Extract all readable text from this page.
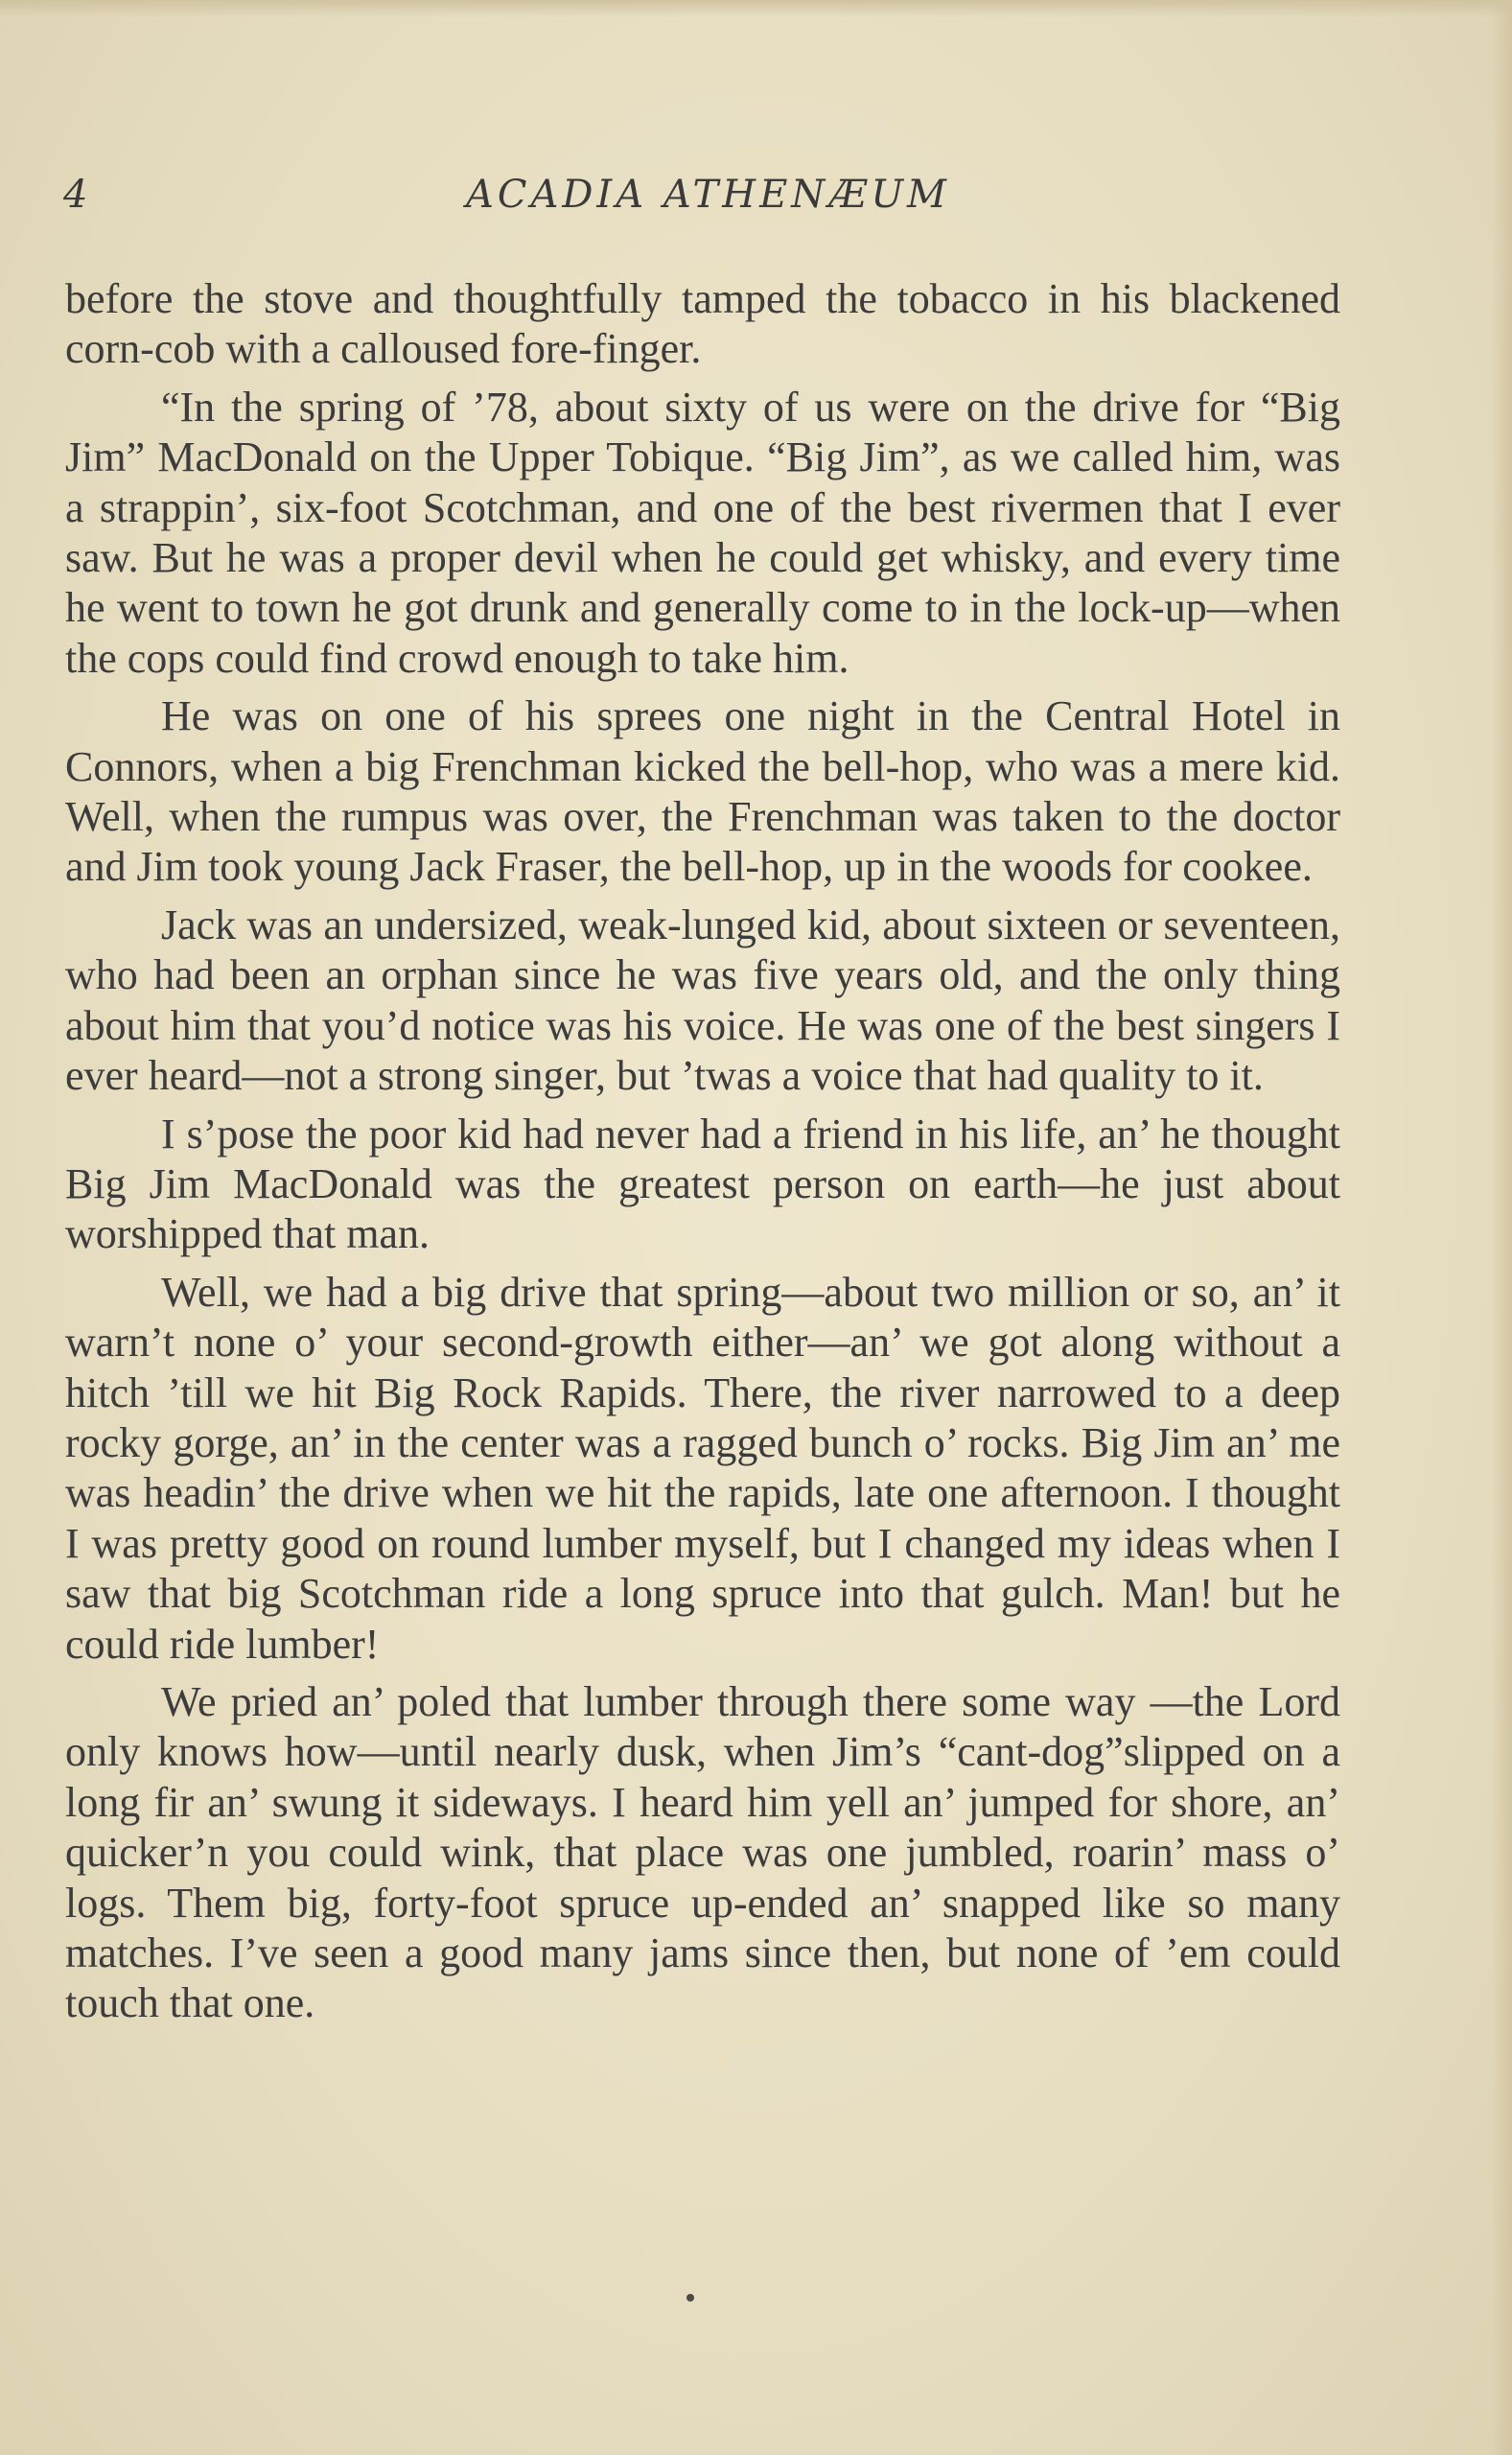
4	ACADIA ATHENÆUM

before the stove and thoughtfully tamped the tobacco in his blackened corn-cob with a calloused fore-finger.

“In the spring of ’78, about sixty of us were on the drive for “Big Jim” MacDonald on the Upper Tobique. “Big Jim”, as we called him, was a strappin’, six-foot Scotchman, and one of the best rivermen that I ever saw. But he was a proper devil when he could get whisky, and every time he went to town he got drunk and generally come to in the lock-up—when the cops could find crowd enough to take him.

He was on one of his sprees one night in the Central Hotel in Connors, when a big Frenchman kicked the bell-hop, who was a mere kid. Well, when the rumpus was over, the Frenchman was taken to the doctor and Jim took young Jack Fraser, the bell-hop, up in the woods for cookee.

Jack was an undersized, weak-lunged kid, about sixteen or seventeen, who had been an orphan since he was five years old, and the only thing about him that you’d notice was his voice. He was one of the best singers I ever heard—not a strong singer, but ’twas a voice that had quality to it.

I s’pose the poor kid had never had a friend in his life, an’ he thought Big Jim MacDonald was the greatest person on earth—he just about worshipped that man.

Well, we had a big drive that spring—about two million or so, an’ it warn’t none o’ your second-growth either—an’ we got along without a hitch ’till we hit Big Rock Rapids. There, the river narrowed to a deep rocky gorge, an’ in the center was a ragged bunch o’ rocks. Big Jim an’ me was headin’ the drive when we hit the rapids, late one afternoon. I thought I was pretty good on round lumber myself, but I changed my ideas when I saw that big Scotchman ride a long spruce into that gulch. Man! but he could ride lumber!

We pried an’ poled that lumber through there some way —the Lord only knows how—until nearly dusk, when Jim’s “cant-dog”slipped on a long fir an’ swung it sideways. I heard him yell an’ jumped for shore, an’ quicker’n you could wink, that place was one jumbled, roarin’ mass o’ logs. Them big, forty-foot spruce up-ended an’ snapped like so many matches. I’ve seen a good many jams since then, but none of ’em could touch that one.
